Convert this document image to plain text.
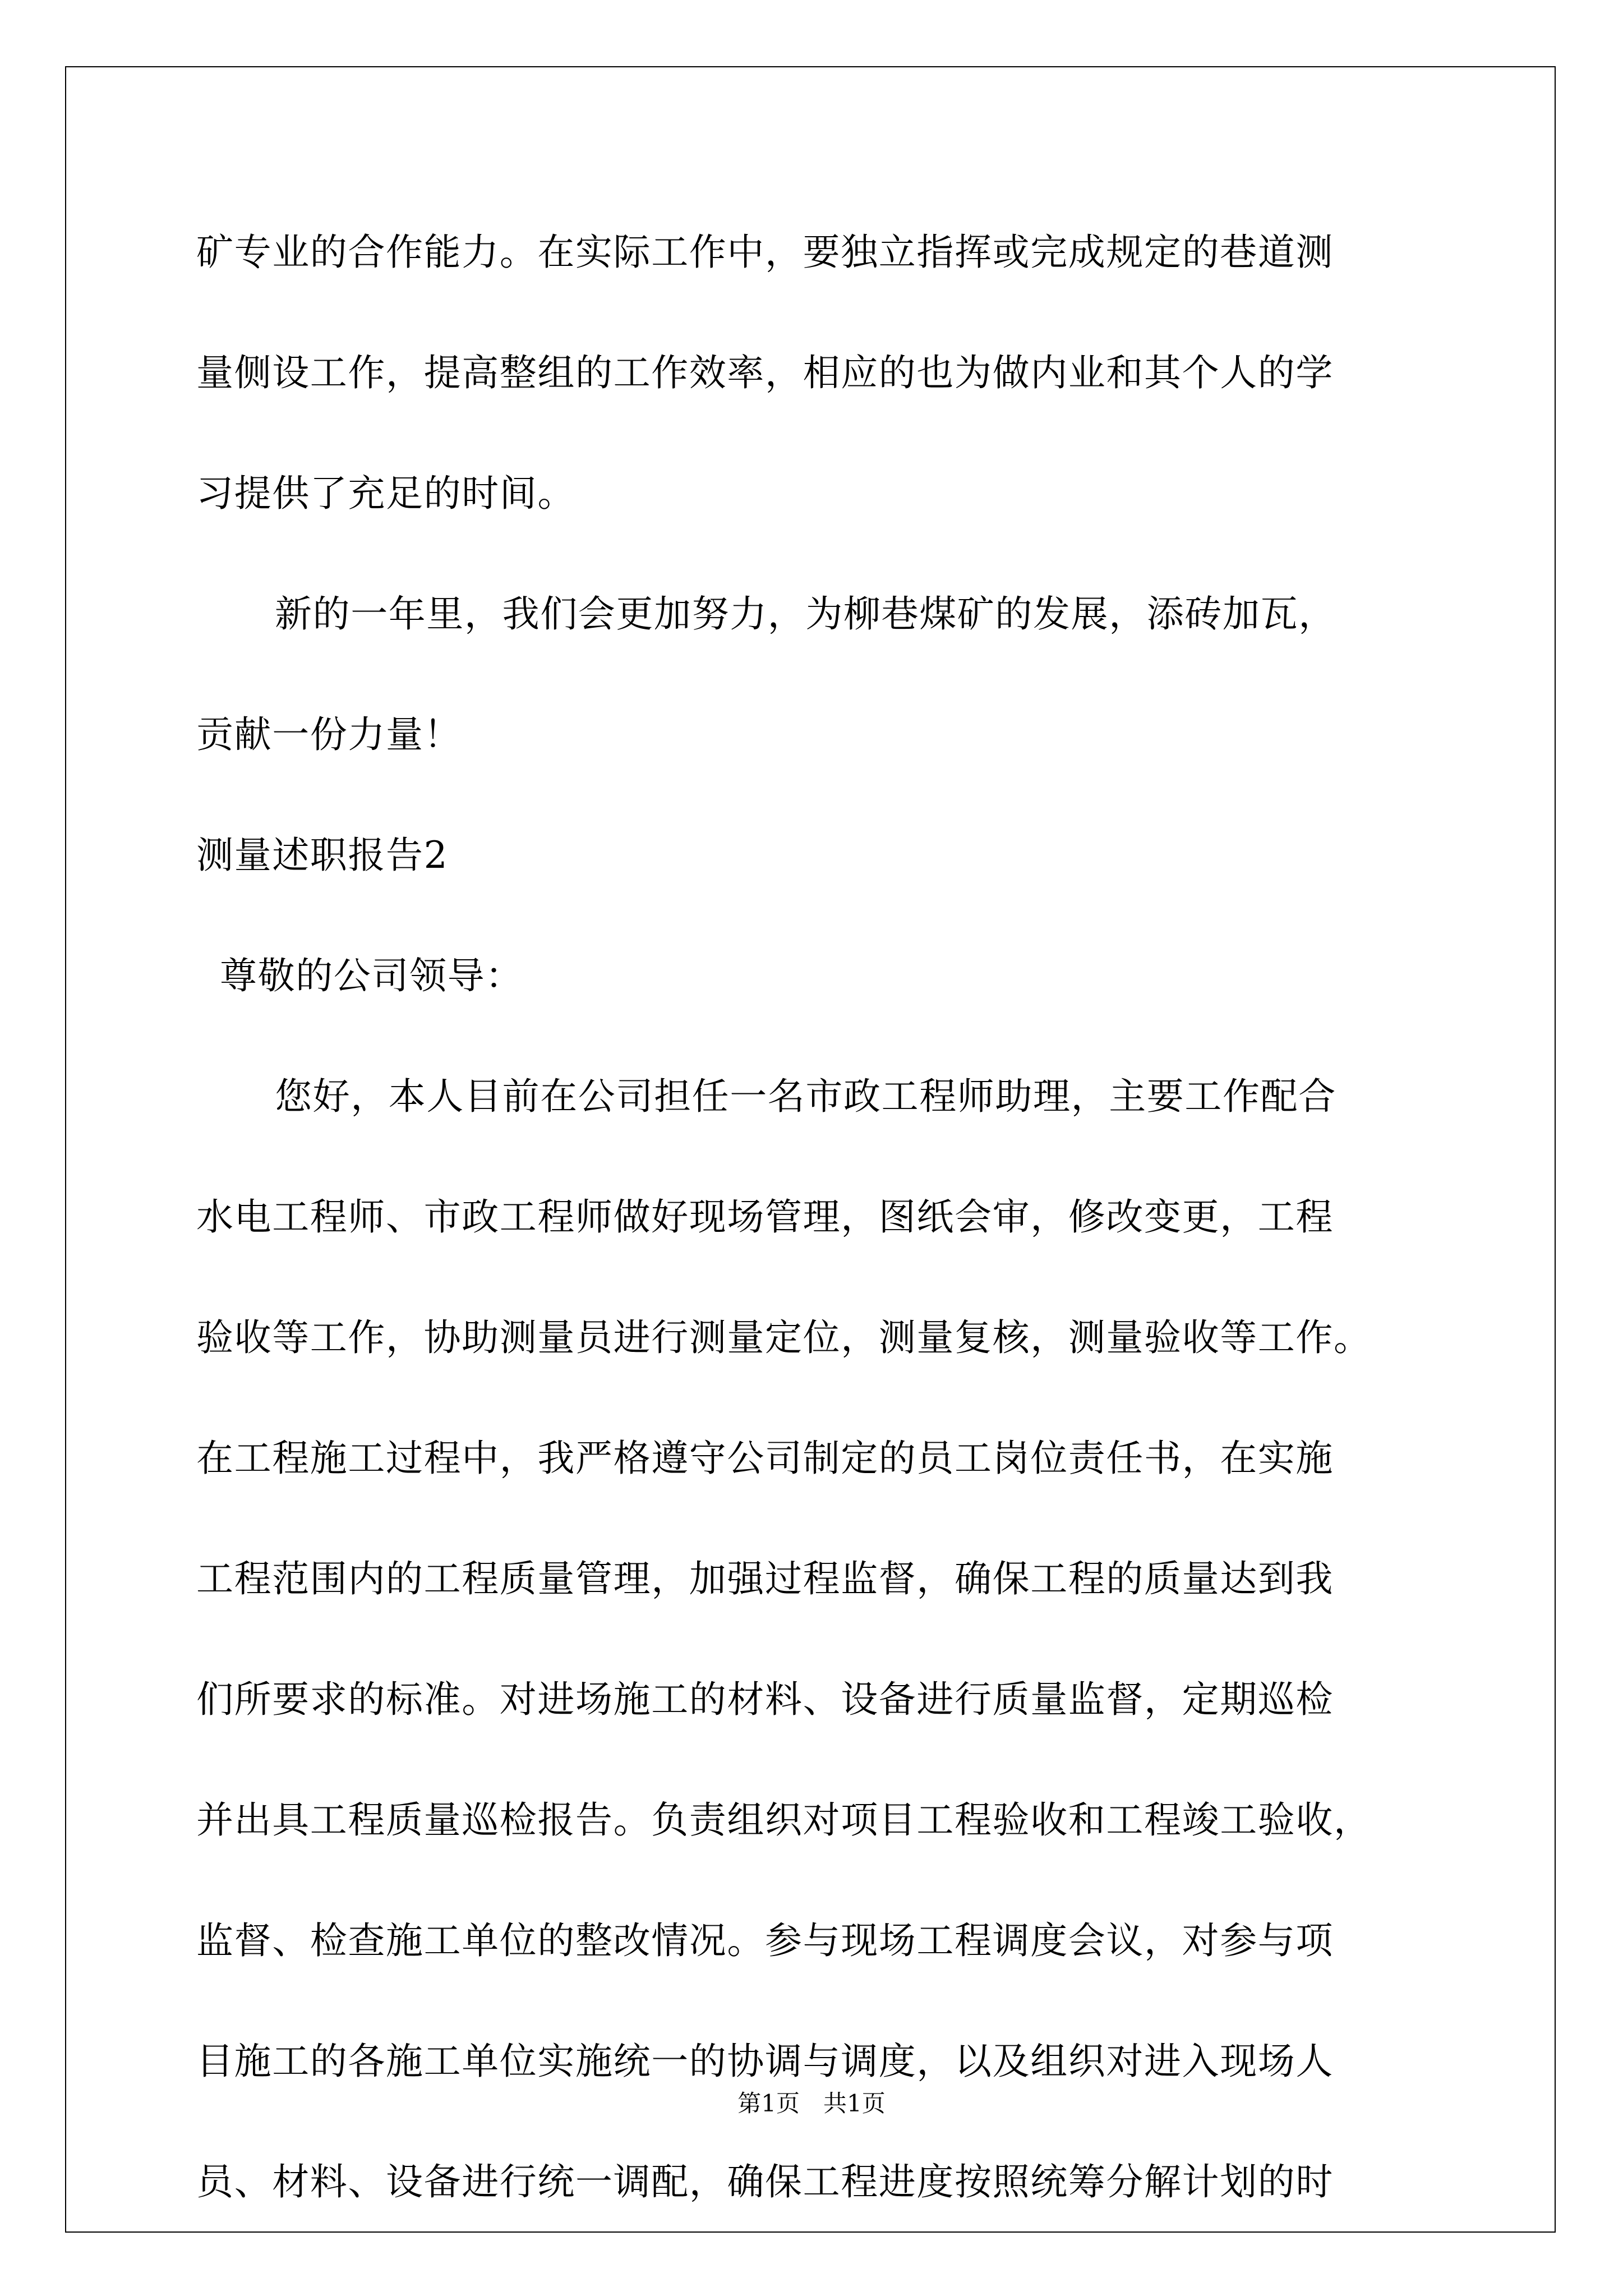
矿专业的合作能力。在实际工作中，要独立指挥或完成规定的巷道测
量侧设工作，提高整组的工作效率，相应的也为做内业和其个人的学
习提供了充足的时间。
新的一年里，我们会更加努力，为柳巷煤矿的发展，添砖加瓦，
贡献一份力量！
测量述职报告2
尊敬的公司领导：
您好，本人目前在公司担任一名市政工程师助理，主要工作配合
水电工程师、市政工程师做好现场管理，图纸会审，修改变更，工程
验收等工作，协助测量员进行测量定位，测量复核，测量验收等工作。
在工程施工过程中，我严格遵守公司制定的员工岗位责任书，在实施
工程范围内的工程质量管理，加强过程监督，确保工程的质量达到我
们所要求的标准。对进场施工的材料、设备进行质量监督，定期巡检
并出具工程质量巡检报告。负责组织对项目工程验收和工程竣工验收，
监督、检查施工单位的整改情况。参与现场工程调度会议，对参与项
目施工的各施工单位实施统一的协调与调度，以及组织对进入现场人
员、材料、设备进行统一调配，确保工程进度按照统筹分解计划的时
第1页　共1页
